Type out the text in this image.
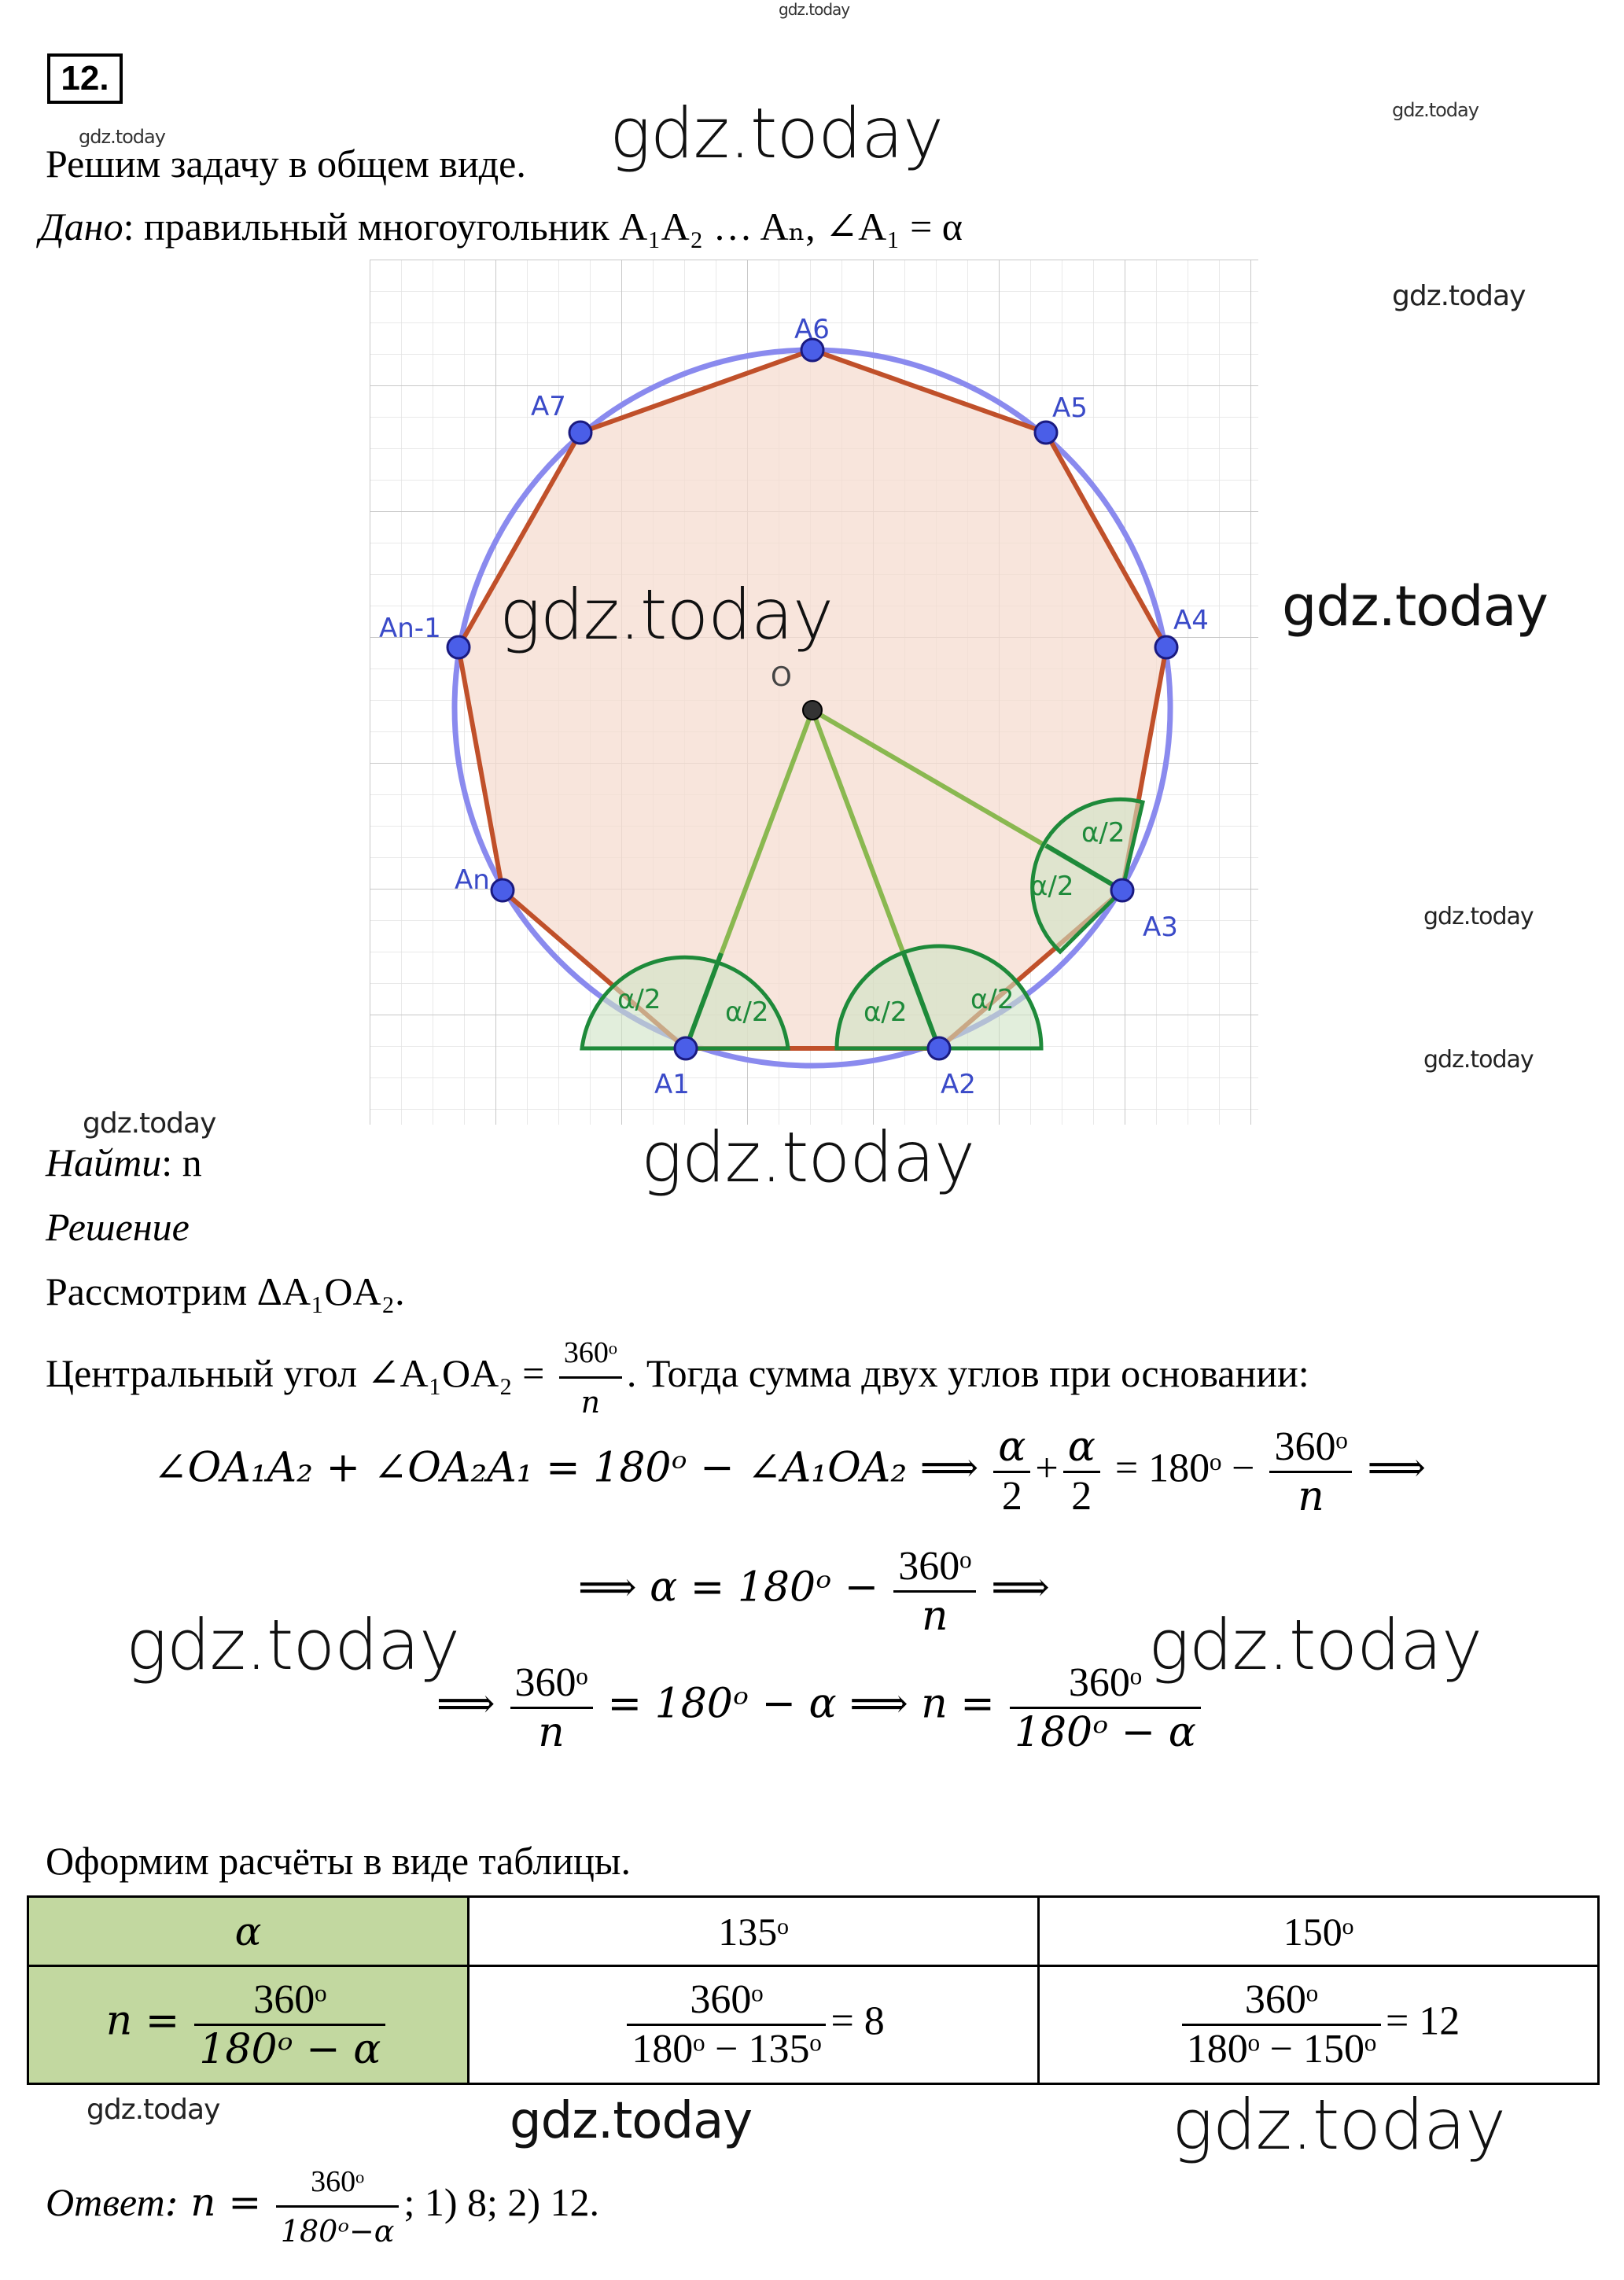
gdz.today
12.
gdz.today
gdz.today
Решим задачу в общем виде. gdz.today
Дано: правильный многоугольник A₁A₂ … Aₙ, ∠A₁ = α
gdz.today
α/2 α/2	α/2 α/2
α/2
α/2
A6
A5
A4
A3
A2
A1
An
An-1
A7
O
gdz.today	gdz.today
gdz.today
gdz.today
gdz.today
Найти: n	gdz.today
Решение
Рассмотрим ΔA₁OA₂.
Центральный угол ∠A₁OA₂ = $\frac{\text{360ᵒ}}{n}$ . Тогда сумма двух углов при основании:
∠OA₁A₂ + ∠OA₂A₁ = 180ᵒ − ∠A₁OA₂ ⟹ $\frac{\alpha}{2} + \frac{\alpha}{2}$ = 180ᵒ − $\frac{\text{360ᵒ}}{n}$ ⟹
⟹ α = 180ᵒ − $\frac{\text{360ᵒ}}{n}$ ⟹
gdz.today	gdz.today
⟹ $\frac{\text{360ᵒ}}{n}$ = 180ᵒ − α ⟹ $n = \frac{\text{360ᵒ}}{\text{180ᵒ − α}}$
Оформим расчёты в виде таблицы.
α	135ᵒ	150ᵒ
$n = \frac{\text{360ᵒ}}{\text{180ᵒ − α}}$	$\frac{\text{360ᵒ}}{\text{180ᵒ − 135ᵒ}} = 8$	$\frac{\text{360ᵒ}}{\text{180ᵒ − 150ᵒ}} = 12$
gdz.today	gdz.today	gdz.today
Ответ: $n = \frac{\text{360ᵒ}}{\text{180ᵒ−α}}$ ; 1) 8; 2) 12.
